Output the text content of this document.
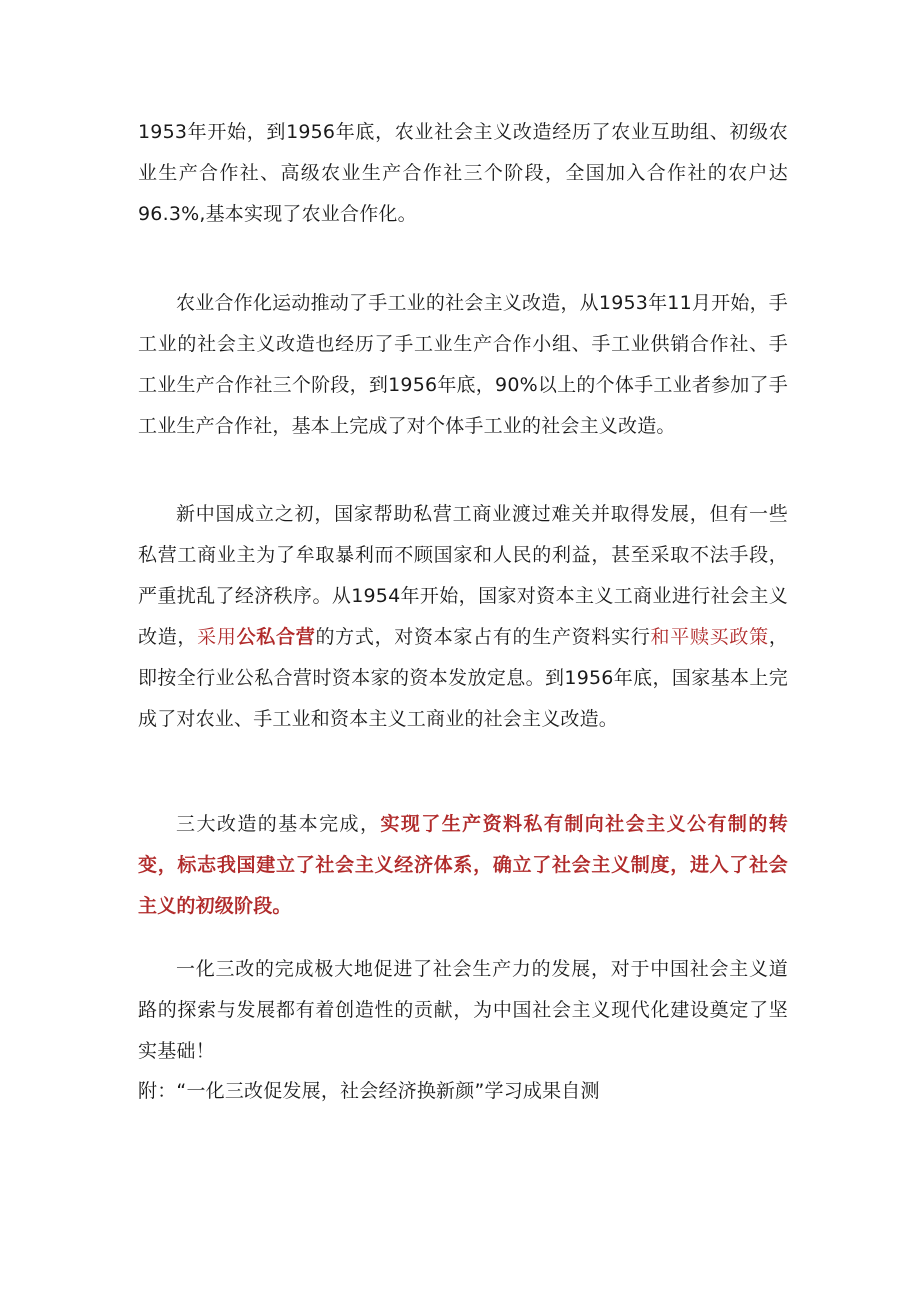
1953年开始，到1956年底，农业社会主义改造经历了农业互助组、初级农业生产合作社、高级农业生产合作社三个阶段，全国加入合作社的农户达96.3%,基本实现了农业合作化。

农业合作化运动推动了手工业的社会主义改造，从1953年11月开始，手工业的社会主义改造也经历了手工业生产合作小组、手工业供销合作社、手工业生产合作社三个阶段，到1956年底，90%以上的个体手工业者参加了手工业生产合作社，基本上完成了对个体手工业的社会主义改造。

新中国成立之初，国家帮助私营工商业渡过难关并取得发展，但有一些私营工商业主为了牟取暴利而不顾国家和人民的利益，甚至采取不法手段，严重扰乱了经济秩序。从1954年开始，国家对资本主义工商业进行社会主义改造，采用公私合营的方式，对资本家占有的生产资料实行和平赎买政策，即按全行业公私合营时资本家的资本发放定息。到1956年底，国家基本上完成了对农业、手工业和资本主义工商业的社会主义改造。

三大改造的基本完成，实现了生产资料私有制向社会主义公有制的转变，标志我国建立了社会主义经济体系，确立了社会主义制度，进入了社会主义的初级阶段。

一化三改的完成极大地促进了社会生产力的发展，对于中国社会主义道路的探索与发展都有着创造性的贡献，为中国社会主义现代化建设奠定了坚实基础！

附：“一化三改促发展，社会经济换新颜”学习成果自测
